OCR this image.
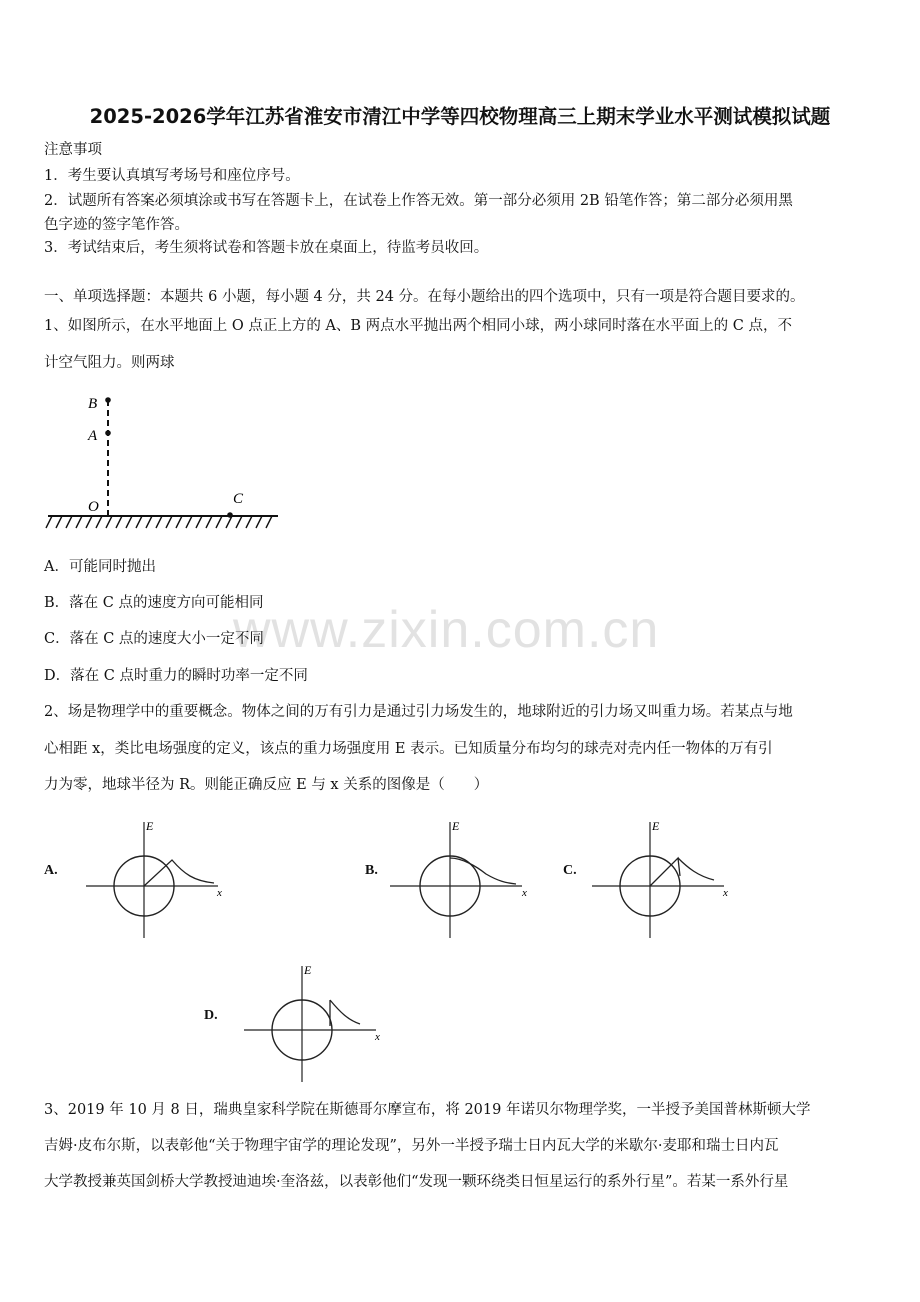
www.zixin.com.cn
2025-2026学年江苏省淮安市清江中学等四校物理高三上期末学业水平测试模拟试题
注意事项
1．考生要认真填写考场号和座位序号。
2．试题所有答案必须填涂或书写在答题卡上，在试卷上作答无效。第一部分必须用 2B 铅笔作答；第二部分必须用黑
色字迹的签字笔作答。
3．考试结束后，考生须将试卷和答题卡放在桌面上，待监考员收回。
一、单项选择题：本题共 6 小题，每小题 4 分，共 24 分。在每小题给出的四个选项中，只有一项是符合题目要求的。
1、如图所示，在水平地面上 O 点正上方的 A、B 两点水平抛出两个相同小球，两小球同时落在水平面上的 C 点，不
计空气阻力。则两球
B
A
O	C
A．可能同时抛出
B．落在 C 点的速度方向可能相同
C．落在 C 点的速度大小一定不同
D．落在 C 点时重力的瞬时功率一定不同
2、场是物理学中的重要概念。物体之间的万有引力是通过引力场发生的，地球附近的引力场又叫重力场。若某点与地
心相距 x，类比电场强度的定义，该点的重力场强度用 E 表示。已知质量分布均匀的球壳对壳内任一物体的万有引
力为零，地球半径为 R。则能正确反应 E 与 x 关系的图像是（　　）
A.
E
x
B.
E
x
C.
E
x
D.
E
x
3、2019 年 10 月 8 日，瑞典皇家科学院在斯德哥尔摩宣布，将 2019 年诺贝尔物理学奖，一半授予美国普林斯顿大学
吉姆·皮布尔斯，以表彰他“关于物理宇宙学的理论发现”，另外一半授予瑞士日内瓦大学的米歇尔·麦耶和瑞士日内瓦
大学教授兼英国剑桥大学教授迪迪埃·奎洛兹，以表彰他们“发现一颗环绕类日恒星运行的系外行星”。若某一系外行星
